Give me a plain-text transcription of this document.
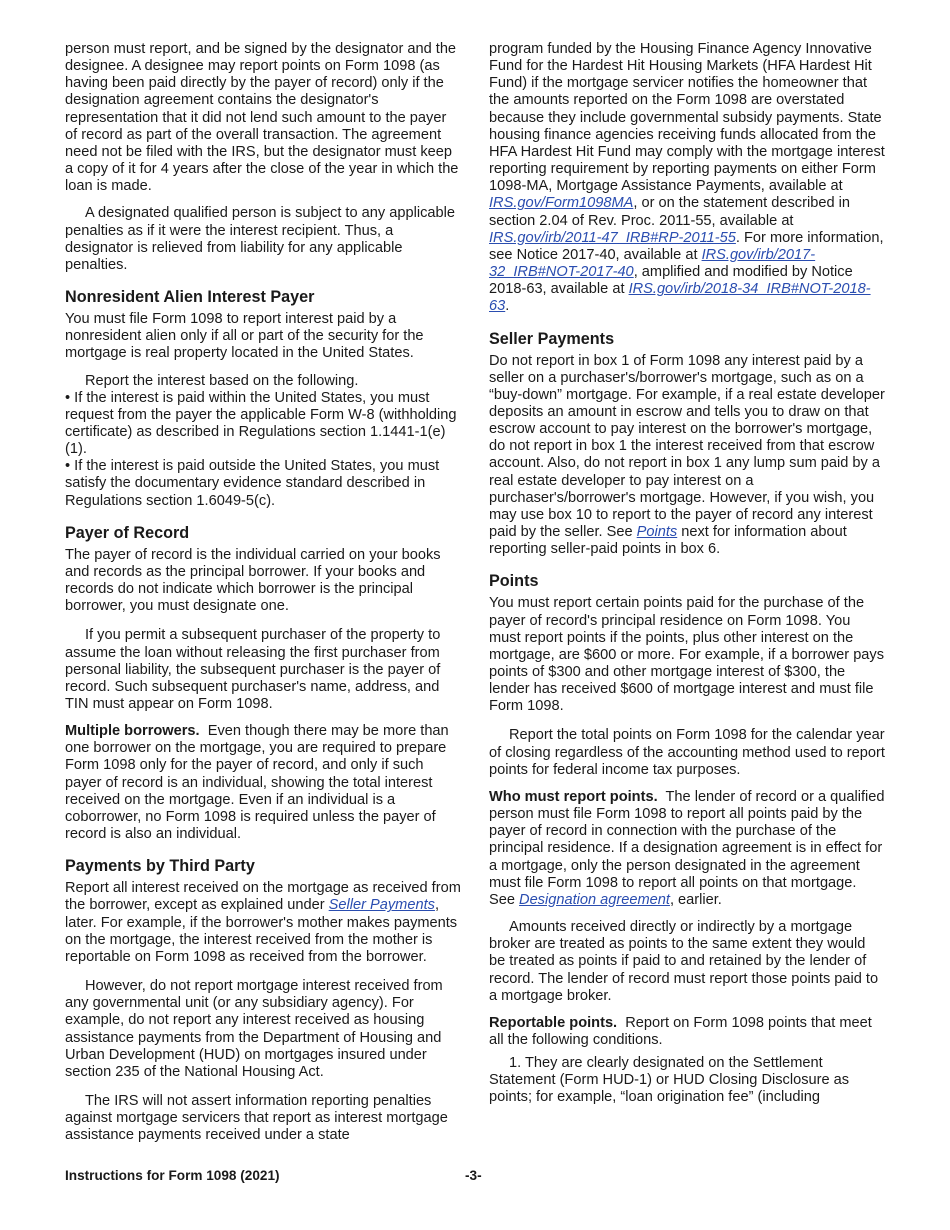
person must report, and be signed by the designator and the designee. A designee may report points on Form 1098 (as having been paid directly by the payer of record) only if the designation agreement contains the designator's representation that it did not lend such amount to the payer of record as part of the overall transaction. The agreement need not be filed with the IRS, but the designator must keep a copy of it for 4 years after the close of the year in which the loan is made.

A designated qualified person is subject to any applicable penalties as if it were the interest recipient. Thus, a designator is relieved from liability for any applicable penalties.

Nonresident Alien Interest Payer

You must file Form 1098 to report interest paid by a nonresident alien only if all or part of the security for the mortgage is real property located in the United States.

Report the interest based on the following.

• If the interest is paid within the United States, you must request from the payer the applicable Form W-8 (withholding certificate) as described in Regulations section 1.1441-1(e)(1).

• If the interest is paid outside the United States, you must satisfy the documentary evidence standard described in Regulations section 1.6049-5(c).

Payer of Record

The payer of record is the individual carried on your books and records as the principal borrower. If your books and records do not indicate which borrower is the principal borrower, you must designate one.

If you permit a subsequent purchaser of the property to assume the loan without releasing the first purchaser from personal liability, the subsequent purchaser is the payer of record. Such subsequent purchaser's name, address, and TIN must appear on Form 1098.

Multiple borrowers. Even though there may be more than one borrower on the mortgage, you are required to prepare Form 1098 only for the payer of record, and only if such payer of record is an individual, showing the total interest received on the mortgage. Even if an individual is a coborrower, no Form 1098 is required unless the payer of record is also an individual.

Payments by Third Party

Report all interest received on the mortgage as received from the borrower, except as explained under Seller Payments, later. For example, if the borrower's mother makes payments on the mortgage, the interest received from the mother is reportable on Form 1098 as received from the borrower.

However, do not report mortgage interest received from any governmental unit (or any subsidiary agency). For example, do not report any interest received as housing assistance payments from the Department of Housing and Urban Development (HUD) on mortgages insured under section 235 of the National Housing Act.

The IRS will not assert information reporting penalties against mortgage servicers that report as interest mortgage assistance payments received under a state

program funded by the Housing Finance Agency Innovative Fund for the Hardest Hit Housing Markets (HFA Hardest Hit Fund) if the mortgage servicer notifies the homeowner that the amounts reported on the Form 1098 are overstated because they include governmental subsidy payments. State housing finance agencies receiving funds allocated from the HFA Hardest Hit Fund may comply with the mortgage interest reporting requirement by reporting payments on either Form 1098-MA, Mortgage Assistance Payments, available at IRS.gov/Form1098MA, or on the statement described in section 2.04 of Rev. Proc. 2011-55, available at IRS.gov/irb/2011-47_IRB#RP-2011-55. For more information, see Notice 2017-40, available at IRS.gov/irb/2017-32_IRB#NOT-2017-40, amplified and modified by Notice 2018-63, available at IRS.gov/irb/2018-34_IRB#NOT-2018-63.

Seller Payments

Do not report in box 1 of Form 1098 any interest paid by a seller on a purchaser's/borrower's mortgage, such as on a “buy-down” mortgage. For example, if a real estate developer deposits an amount in escrow and tells you to draw on that escrow account to pay interest on the borrower's mortgage, do not report in box 1 the interest received from that escrow account. Also, do not report in box 1 any lump sum paid by a real estate developer to pay interest on a purchaser's/borrower's mortgage. However, if you wish, you may use box 10 to report to the payer of record any interest paid by the seller. See Points next for information about reporting seller-paid points in box 6.

Points

You must report certain points paid for the purchase of the payer of record's principal residence on Form 1098. You must report points if the points, plus other interest on the mortgage, are $600 or more. For example, if a borrower pays points of $300 and other mortgage interest of $300, the lender has received $600 of mortgage interest and must file Form 1098.

Report the total points on Form 1098 for the calendar year of closing regardless of the accounting method used to report points for federal income tax purposes.

Who must report points. The lender of record or a qualified person must file Form 1098 to report all points paid by the payer of record in connection with the purchase of the principal residence. If a designation agreement is in effect for a mortgage, only the person designated in the agreement must file Form 1098 to report all points on that mortgage. See Designation agreement, earlier.

Amounts received directly or indirectly by a mortgage broker are treated as points to the same extent they would be treated as points if paid to and retained by the lender of record. The lender of record must report those points paid to a mortgage broker.

Reportable points. Report on Form 1098 points that meet all the following conditions.

1. They are clearly designated on the Settlement Statement (Form HUD-1) or HUD Closing Disclosure as points; for example, “loan origination fee” (including

Instructions for Form 1098 (2021)	-3-
